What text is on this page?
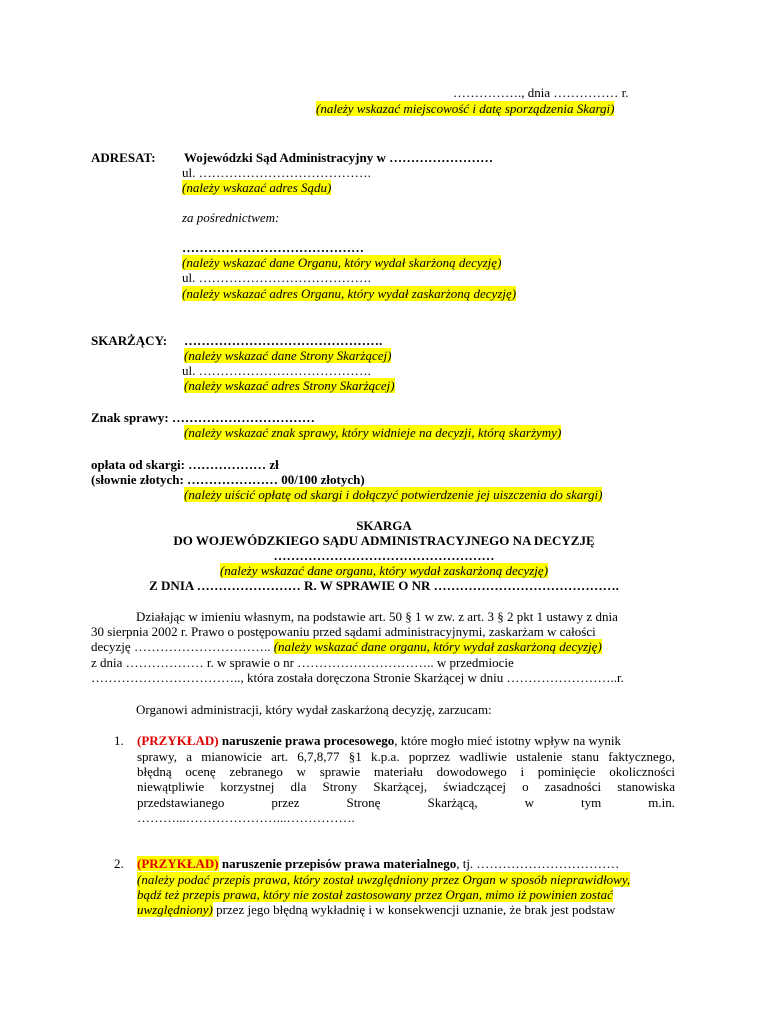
……………., dnia …………… r.
(należy wskazać miejscowość i datę sporządzenia Skargi)
ADRESAT: Wojewódzki Sąd Administracyjny w ……………………
ul. ………………………………….
(należy wskazać adres Sądu)
za pośrednictwem:
……………………………………
(należy wskazać dane Organu, który wydał skarżoną decyzję)
ul. ………………………………….
(należy wskazać adres Organu, który wydał zaskarżoną decyzję)
SKARŻĄCY: ……………………………………….
(należy wskazać dane Strony Skarżącej)
ul. ………………………………….
(należy wskazać adres Strony Skarżącej)
Znak sprawy: ……………………………
(należy wskazać znak sprawy, który widnieje na decyzji, którą skarżymy)
opłata od skargi: ……………… zł
(słownie złotych: ………………… 00/100 złotych)
(należy uiścić opłatę od skargi i dołączyć potwierdzenie jej uiszczenia do skargi)
SKARGA
DO WOJEWÓDZKIEGO SĄDU ADMINISTRACYJNEGO NA DECYZJĘ
……………………………………………
(należy wskazać dane organu, który wydał zaskarżoną decyzję)
Z DNIA …………………… R. W SPRAWIE O NR …………………………………….
Działając w imieniu własnym, na podstawie art. 50 § 1 w zw. z art. 3 § 2 pkt 1 ustawy z dnia
30 sierpnia 2002 r. Prawo o postępowaniu przed sądami administracyjnymi, zaskarżam w całości
decyzję ………………………….. (należy wskazać dane organu, który wydał zaskarżoną decyzję)
z dnia ……………… r. w sprawie o nr ………………………….. w przedmiocie
…………………………….., która została doręczona Stronie Skarżącej w dniu ……………………..r.
Organowi administracji, który wydał zaskarżoną decyzję, zarzucam:
1. (PRZYKŁAD) naruszenie prawa procesowego, które mogło mieć istotny wpływ na wynik
sprawy, a mianowicie art. 6,7,8,77 §1 k.p.a. poprzez wadliwie ustalenie stanu faktycznego,
błędną ocenę zebranego w sprawie materiału dowodowego i pominięcie okoliczności
niewątpliwie korzystnej dla Strony Skarżącej, świadczącej o zasadności stanowiska
przedstawianego przez Stronę Skarżącą, w tym m.in.
………...…………………...…………….
2. (PRZYKŁAD) naruszenie przepisów prawa materialnego, tj. ……………………………
(należy podać przepis prawa, który został uwzględniony przez Organ w sposób nieprawidłowy,
bądź też przepis prawa, który nie został zastosowany przez Organ, mimo iż powinien zostać
uwzględniony) przez jego błędną wykładnię i w konsekwencji uznanie, że brak jest podstaw
